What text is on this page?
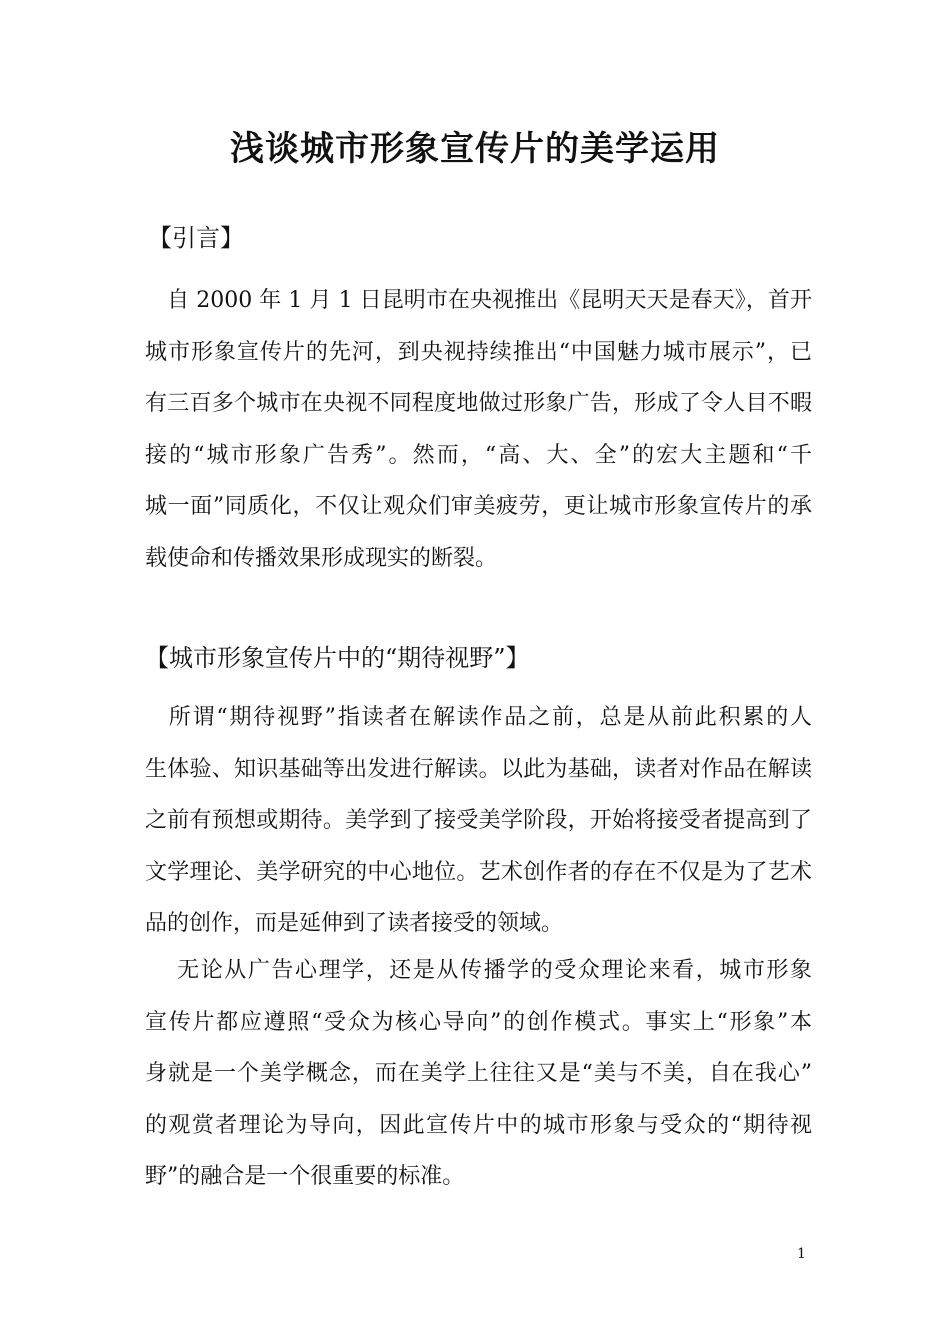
浅谈城市形象宣传片的美学运用
【引言】

　自 2000 年 1 月 1 日昆明市在央视推出《昆明天天是春天》，首开
城市形象宣传片的先河，到央视持续推出“中国魅力城市展示”，已
有三百多个城市在央视不同程度地做过形象广告，形成了令人目不暇
接的“城市形象广告秀”。然而，“高、大、全”的宏大主题和“千
城一面”同质化，不仅让观众们审美疲劳，更让城市形象宣传片的承
载使命和传播效果形成现实的断裂。

【城市形象宣传片中的“期待视野”】

　所谓“期待视野”指读者在解读作品之前，总是从前此积累的人
生体验、知识基础等出发进行解读。以此为基础，读者对作品在解读
之前有预想或期待。美学到了接受美学阶段，开始将接受者提高到了
文学理论、美学研究的中心地位。艺术创作者的存在不仅是为了艺术
品的创作，而是延伸到了读者接受的领域。

　 无论从广告心理学，还是从传播学的受众理论来看，城市形象
宣传片都应遵照“受众为核心导向”的创作模式。事实上“形象”本
身就是一个美学概念，而在美学上往往又是“美与不美，自在我心”
的观赏者理论为导向，因此宣传片中的城市形象与受众的“期待视
野”的融合是一个很重要的标准。

1
